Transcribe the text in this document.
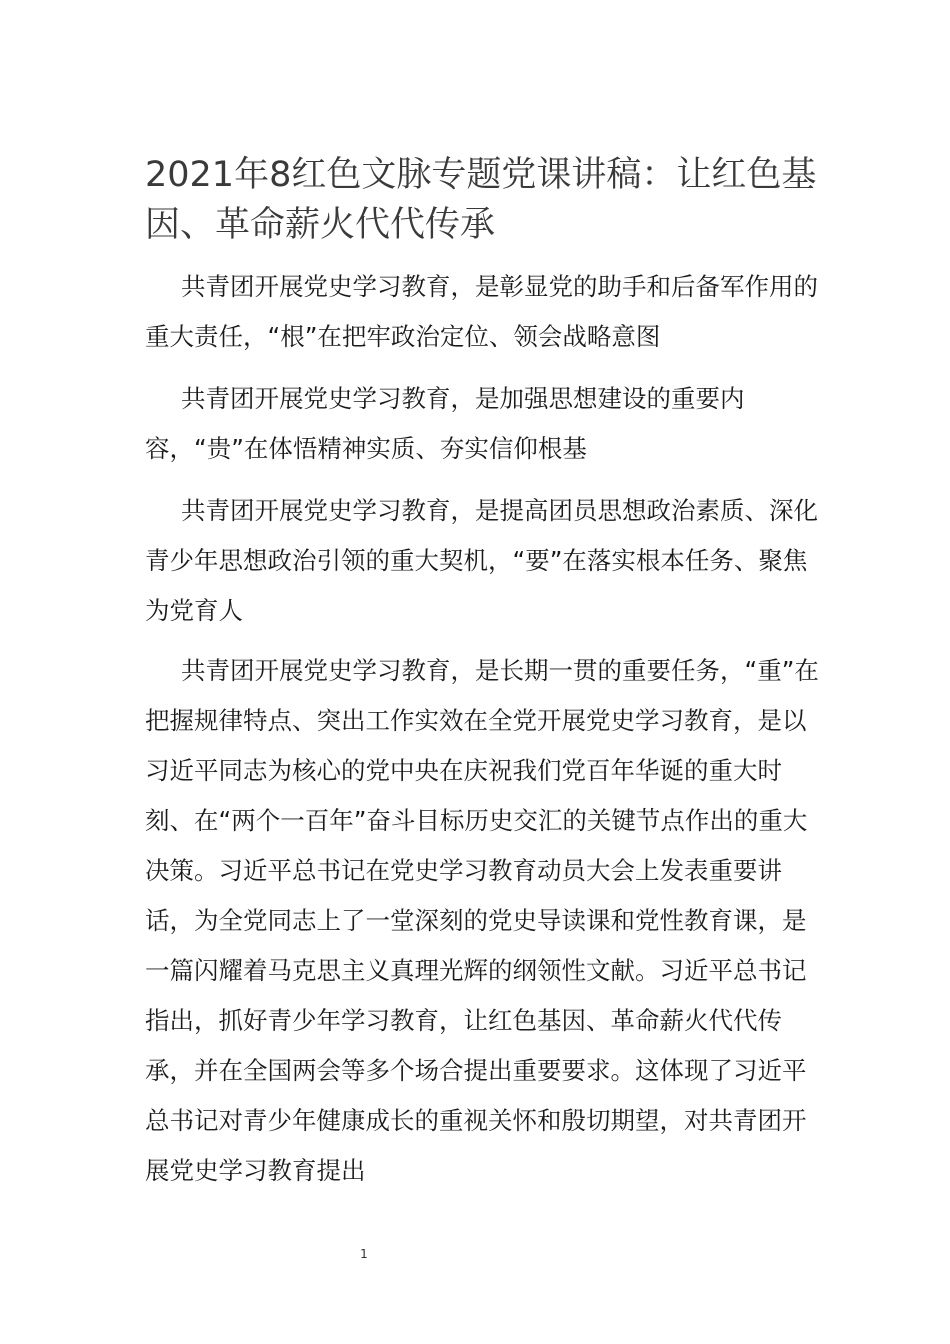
2021年8红色文脉专题党课讲稿：让红色基因、革命薪火代代传承

共青团开展党史学习教育，是彰显党的助手和后备军作用的重大责任，“根”在把牢政治定位、领会战略意图

共青团开展党史学习教育，是加强思想建设的重要内容，“贵”在体悟精神实质、夯实信仰根基

共青团开展党史学习教育，是提高团员思想政治素质、深化青少年思想政治引领的重大契机，“要”在落实根本任务、聚焦为党育人

共青团开展党史学习教育，是长期一贯的重要任务，“重”在把握规律特点、突出工作实效在全党开展党史学习教育，是以习近平同志为核心的党中央在庆祝我们党百年华诞的重大时刻、在“两个一百年”奋斗目标历史交汇的关键节点作出的重大决策。习近平总书记在党史学习教育动员大会上发表重要讲话，为全党同志上了一堂深刻的党史导读课和党性教育课，是一篇闪耀着马克思主义真理光辉的纲领性文献。习近平总书记指出，抓好青少年学习教育，让红色基因、革命薪火代代传承，并在全国两会等多个场合提出重要要求。这体现了习近平总书记对青少年健康成长的重视关怀和殷切期望，对共青团开展党史学习教育提出

1
